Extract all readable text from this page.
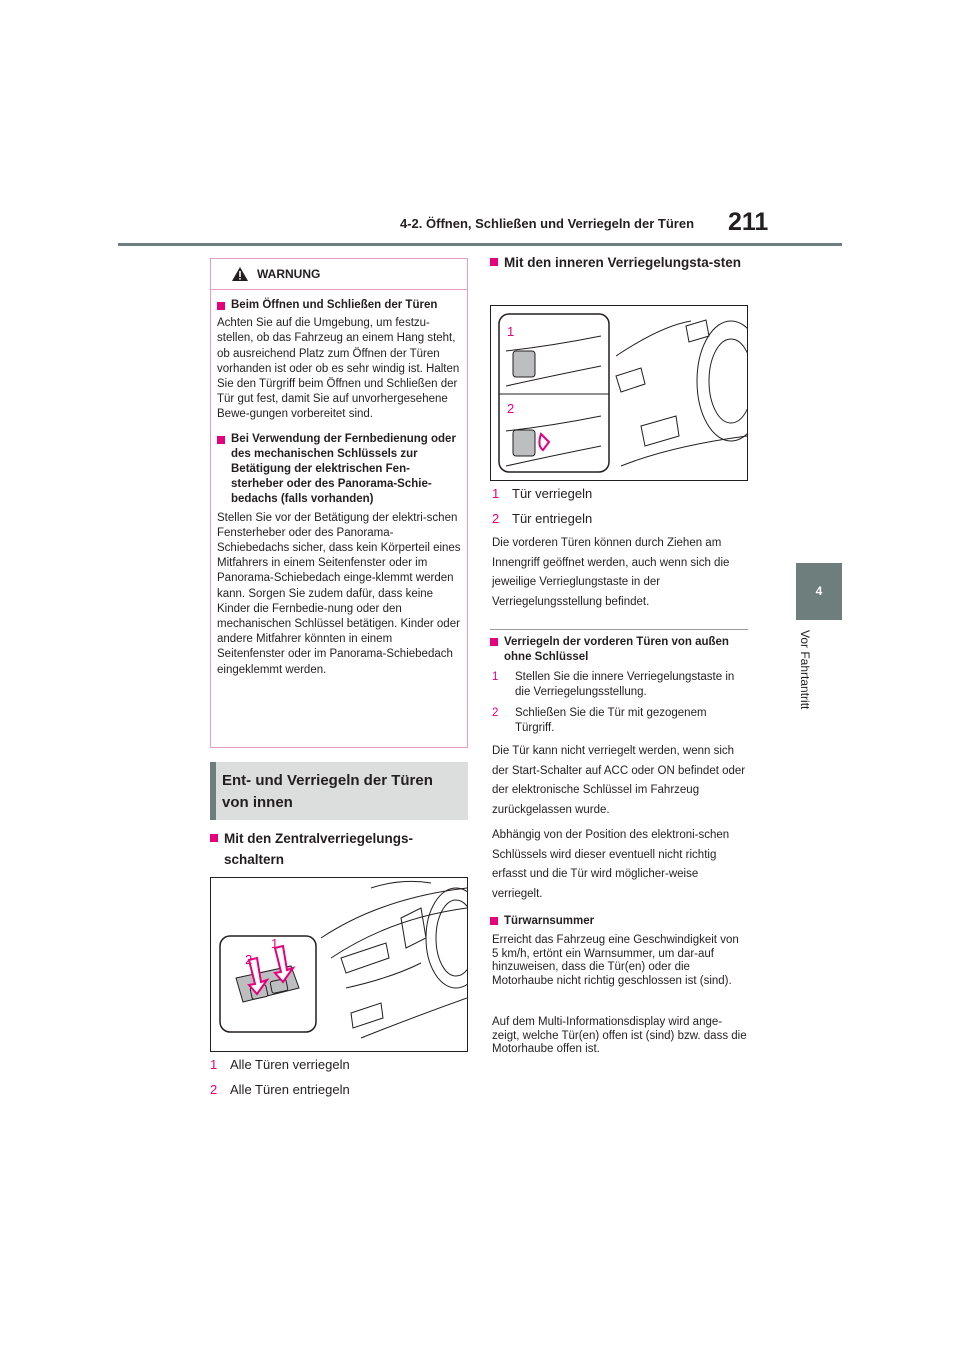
4-2. Öffnen, Schließen und Verriegeln der Türen 211
4
Vor Fahrtantritt
WARNUNG
Beim Öffnen und Schließen der Türen
Achten Sie auf die Umgebung, um festzu-stellen, ob das Fahrzeug an einem Hang steht, ob ausreichend Platz zum Öffnen der Türen vorhanden ist oder ob es sehr windig ist. Halten Sie den Türgriff beim Öffnen und Schließen der Tür gut fest, damit Sie auf unvorhergesehene Bewe-gungen vorbereitet sind.
Bei Verwendung der Fernbedienung oder des mechanischen Schlüssels zur Betätigung der elektrischen Fen-sterheber oder des Panorama-Schie-bedachs (falls vorhanden)
Stellen Sie vor der Betätigung der elektri-schen Fensterheber oder des Panorama-Schiebedachs sicher, dass kein Körperteil eines Mitfahrers in einem Seitenfenster oder im Panorama-Schiebedach einge-klemmt werden kann. Sorgen Sie zudem dafür, dass keine Kinder die Fernbedie-nung oder den mechanischen Schlüssel betätigen. Kinder oder andere Mitfahrer könnten in einem Seitenfenster oder im Panorama-Schiebedach eingeklemmt werden.
Ent- und Verriegeln der Türen von innen
Mit den Zentralverriegelungs-schaltern
1
2
1 Alle Türen verriegeln
2 Alle Türen entriegeln
Mit den inneren Verriegelungsta-sten
1
2
1 Tür verriegeln
2 Tür entriegeln
Die vorderen Türen können durch Ziehen am Innengriff geöffnet werden, auch wenn sich die jeweilige Verrieglungstaste in der Verriegelungsstellung befindet.
Verriegeln der vorderen Türen von außen ohne Schlüssel
1	Stellen Sie die innere Verriegelungstaste in die Verriegelungsstellung.
2	Schließen Sie die Tür mit gezogenem Türgriff.
Die Tür kann nicht verriegelt werden, wenn sich der Start-Schalter auf ACC oder ON befindet oder der elektronische Schlüssel im Fahrzeug zurückgelassen wurde.
Abhängig von der Position des elektroni-schen Schlüssels wird dieser eventuell nicht richtig erfasst und die Tür wird möglicher-weise verriegelt.
Türwarnsummer
Erreicht das Fahrzeug eine Geschwindigkeit von 5 km/h, ertönt ein Warnsummer, um dar-auf hinzuweisen, dass die Tür(en) oder die Motorhaube nicht richtig geschlossen ist (sind).
Auf dem Multi-Informationsdisplay wird ange-zeigt, welche Tür(en) offen ist (sind) bzw. dass die Motorhaube offen ist.
